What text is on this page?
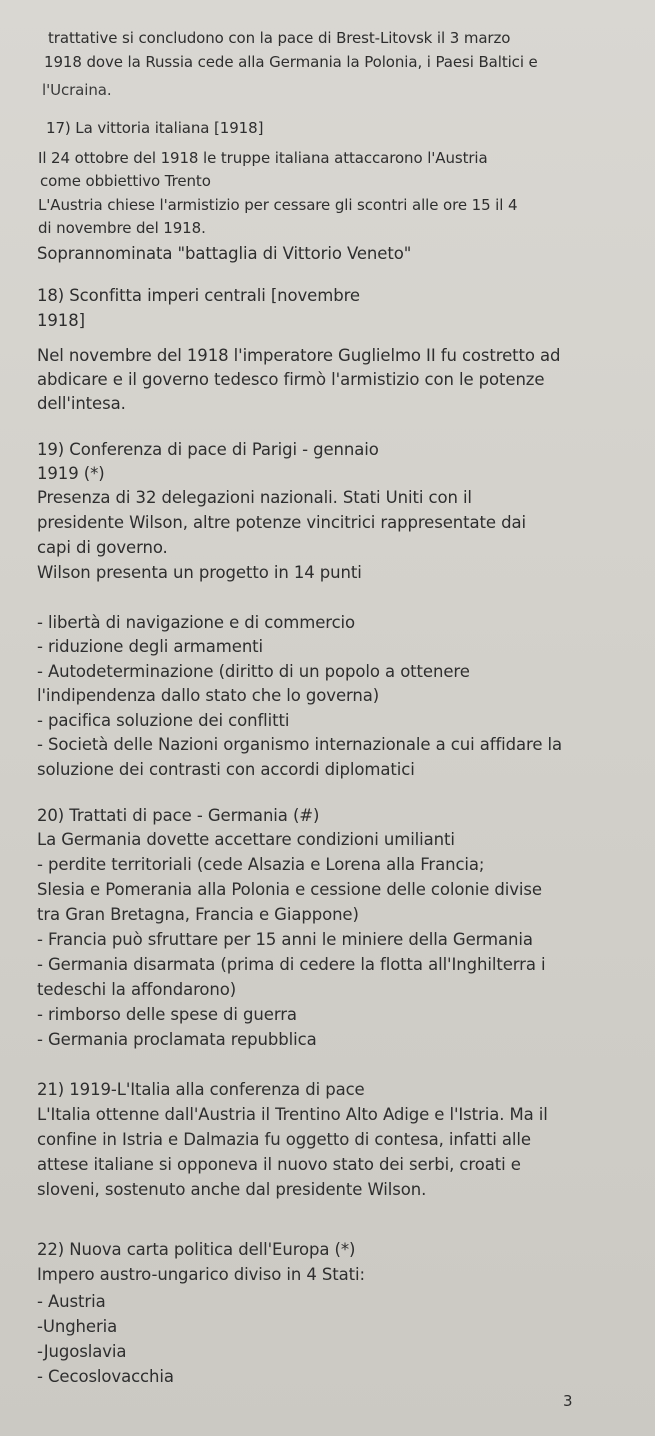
trattative si concludono con la pace di Brest-Litovsk il 3 marzo
1918 dove la Russia cede alla Germania la Polonia, i Paesi Baltici e
l'Ucraina.
17) La vittoria italiana [1918]
Il 24 ottobre del 1918 le truppe italiana attaccarono l'Austria
come obbiettivo Trento
L'Austria chiese l'armistizio per cessare gli scontri alle ore 15 il 4
di novembre del 1918.
Soprannominata "battaglia di Vittorio Veneto"
18) Sconfitta imperi centrali [novembre
1918]
Nel novembre del 1918 l'imperatore Guglielmo II fu costretto ad
abdicare e il governo tedesco firmò l'armistizio con le potenze
dell'intesa.
19) Conferenza di pace di Parigi - gennaio
1919 (*)
Presenza di 32 delegazioni nazionali. Stati Uniti con il
presidente Wilson, altre potenze vincitrici rappresentate dai
capi di governo.
Wilson presenta un progetto in 14 punti
- libertà di navigazione e di commercio
- riduzione degli armamenti
- Autodeterminazione (diritto di un popolo a ottenere
l'indipendenza dallo stato che lo governa)
- pacifica soluzione dei conflitti
- Società delle Nazioni organismo internazionale a cui affidare la
soluzione dei contrasti con accordi diplomatici
20) Trattati di pace - Germania (#)
La Germania dovette accettare condizioni umilianti
- perdite territoriali (cede Alsazia e Lorena alla Francia;
Slesia e Pomerania alla Polonia e cessione delle colonie divise
tra Gran Bretagna, Francia e Giappone)
- Francia può sfruttare per 15 anni le miniere della Germania
- Germania disarmata (prima di cedere la flotta all'Inghilterra i
tedeschi la affondarono)
- rimborso delle spese di guerra
- Germania proclamata repubblica
21) 1919-L'Italia alla conferenza di pace
L'Italia ottenne dall'Austria il Trentino Alto Adige e l'Istria. Ma il
confine in Istria e Dalmazia fu oggetto di contesa, infatti alle
attese italiane si opponeva il nuovo stato dei serbi, croati e
sloveni, sostenuto anche dal presidente Wilson.
22) Nuova carta politica dell'Europa (*)
Impero austro-ungarico diviso in 4 Stati:
- Austria
-Ungheria
-Jugoslavia
- Cecoslovacchia
3
